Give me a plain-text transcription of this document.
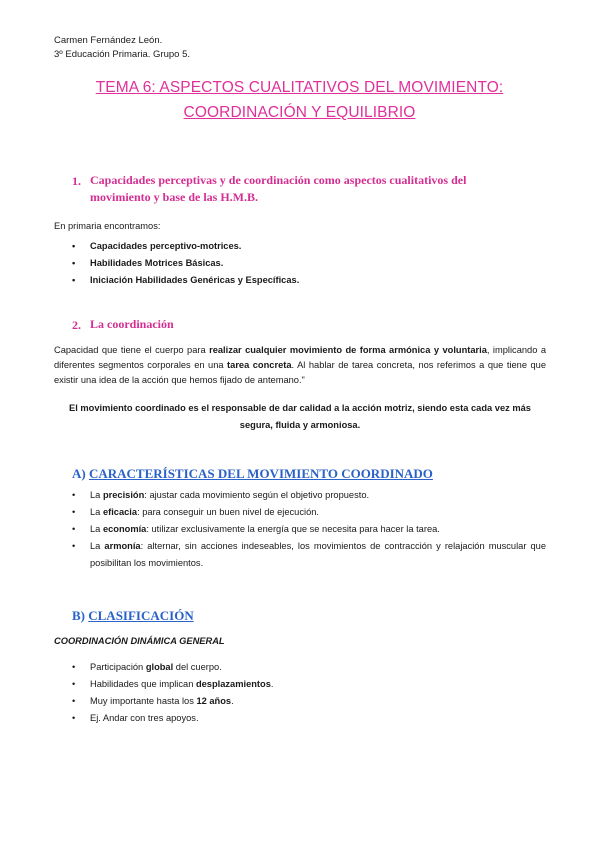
Carmen Fernández León.
3º Educación Primaria. Grupo 5.
TEMA 6: ASPECTOS CUALITATIVOS DEL MOVIMIENTO:
COORDINACIÓN Y EQUILIBRIO
1. Capacidades perceptivas y de coordinación como aspectos cualitativos del movimiento y base de las H.M.B.
En primaria encontramos:
• Capacidades perceptivo-motrices.
• Habilidades Motrices Básicas.
• Iniciación Habilidades Genéricas y Específicas.
2. La coordinación
Capacidad que tiene el cuerpo para realizar cualquier movimiento de forma armónica y voluntaria, implicando a diferentes segmentos corporales en una tarea concreta. Al hablar de tarea concreta, nos referimos a que tiene que existir una idea de la acción que hemos fijado de antemano."
El movimiento coordinado es el responsable de dar calidad a la acción motriz, siendo esta cada vez más segura, fluida y armoniosa.
A) CARACTERÍSTICAS DEL MOVIMIENTO COORDINADO
• La precisión: ajustar cada movimiento según el objetivo propuesto.
• La eficacia: para conseguir un buen nivel de ejecución.
• La economía: utilizar exclusivamente la energía que se necesita para hacer la tarea.
• La armonía: alternar, sin acciones indeseables, los movimientos de contracción y relajación muscular que posibilitan los movimientos.
B) CLASIFICACIÓN
COORDINACIÓN DINÁMICA GENERAL
• Participación global del cuerpo.
• Habilidades que implican desplazamientos.
• Muy importante hasta los 12 años.
• Ej. Andar con tres apoyos.
